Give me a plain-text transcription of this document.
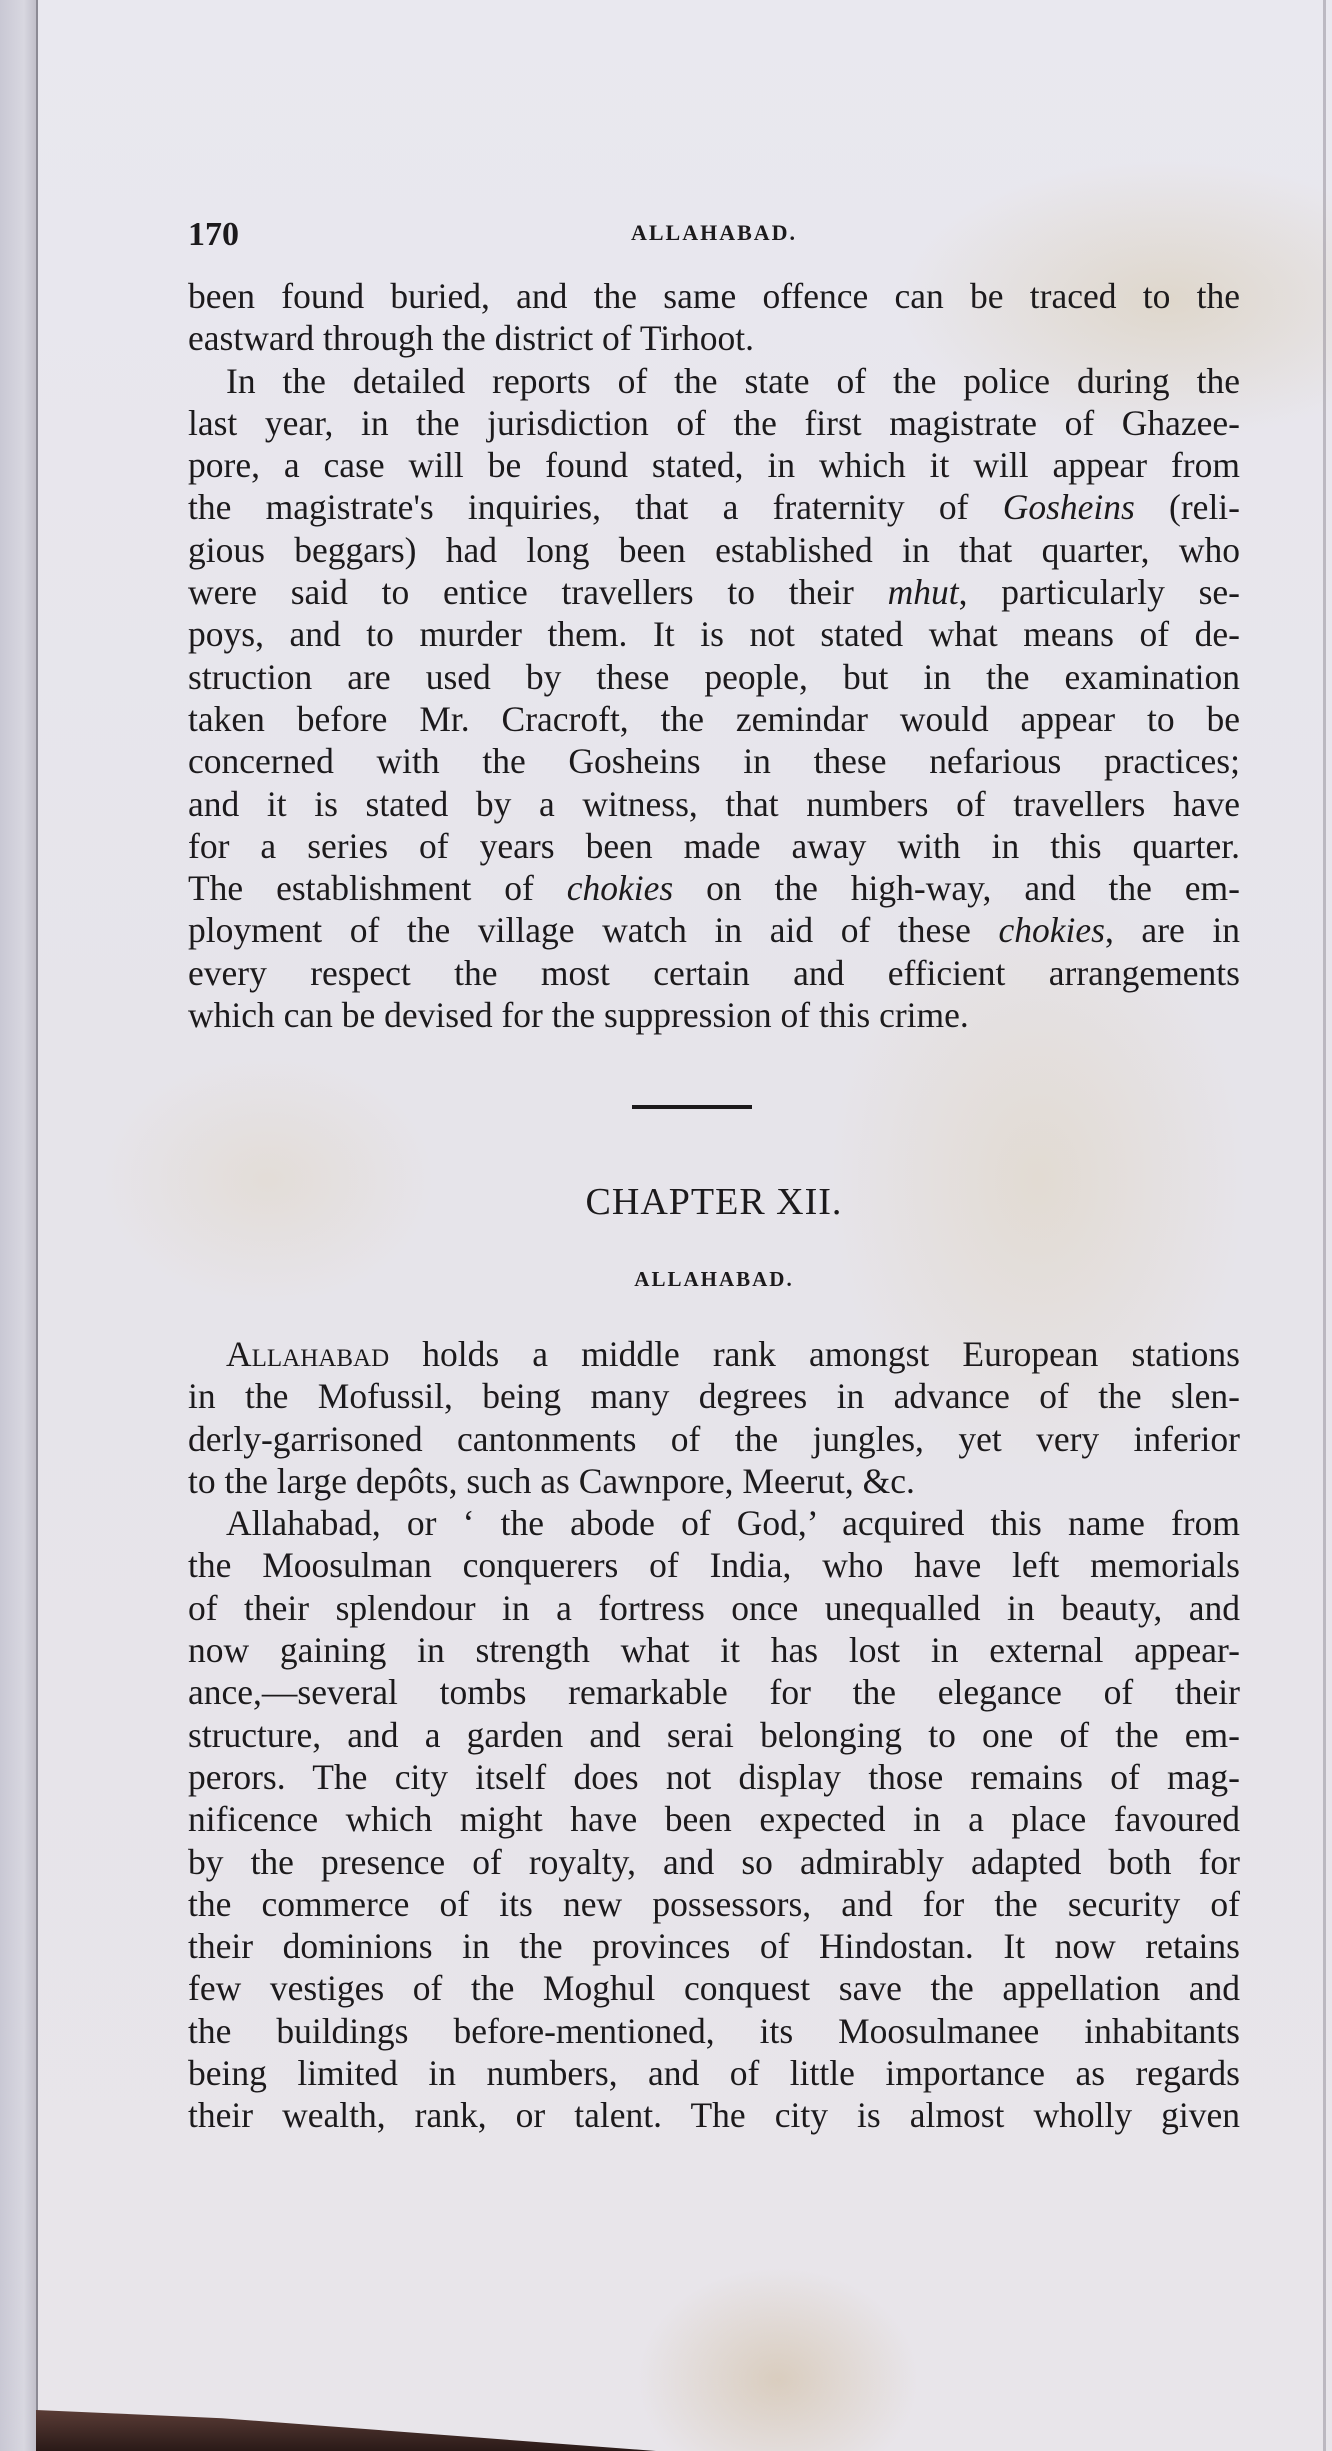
170	ALLAHABAD.
been found buried, and the same offence can be traced to the
eastward through the district of Tirhoot.
In the detailed reports of the state of the police during the
last year, in the jurisdiction of the first magistrate of Ghazee-
pore, a case will be found stated, in which it will appear from
the magistrate's inquiries, that a fraternity of Gosheins (reli-
gious beggars) had long been established in that quarter, who
were said to entice travellers to their mhut, particularly se-
poys, and to murder them. It is not stated what means of de-
struction are used by these people, but in the examination
taken before Mr. Cracroft, the zemindar would appear to be
concerned with the Gosheins in these nefarious practices;
and it is stated by a witness, that numbers of travellers have
for a series of years been made away with in this quarter.
The establishment of chokies on the high-way, and the em-
ployment of the village watch in aid of these chokies, are in
every respect the most certain and efficient arrangements
which can be devised for the suppression of this crime.
CHAPTER XII.
ALLAHABAD.
Allahabad holds a middle rank amongst European stations
in the Mofussil, being many degrees in advance of the slen-
derly-garrisoned cantonments of the jungles, yet very inferior
to the large depôts, such as Cawnpore, Meerut, &c.
Allahabad, or ‘ the abode of God,’ acquired this name from
the Moosulman conquerers of India, who have left memorials
of their splendour in a fortress once unequalled in beauty, and
now gaining in strength what it has lost in external appear-
ance,—several tombs remarkable for the elegance of their
structure, and a garden and serai belonging to one of the em-
perors. The city itself does not display those remains of mag-
nificence which might have been expected in a place favoured
by the presence of royalty, and so admirably adapted both for
the commerce of its new possessors, and for the security of
their dominions in the provinces of Hindostan. It now retains
few vestiges of the Moghul conquest save the appellation and
the buildings before-mentioned, its Moosulmanee inhabitants
being limited in numbers, and of little importance as regards
their wealth, rank, or talent. The city is almost wholly given
